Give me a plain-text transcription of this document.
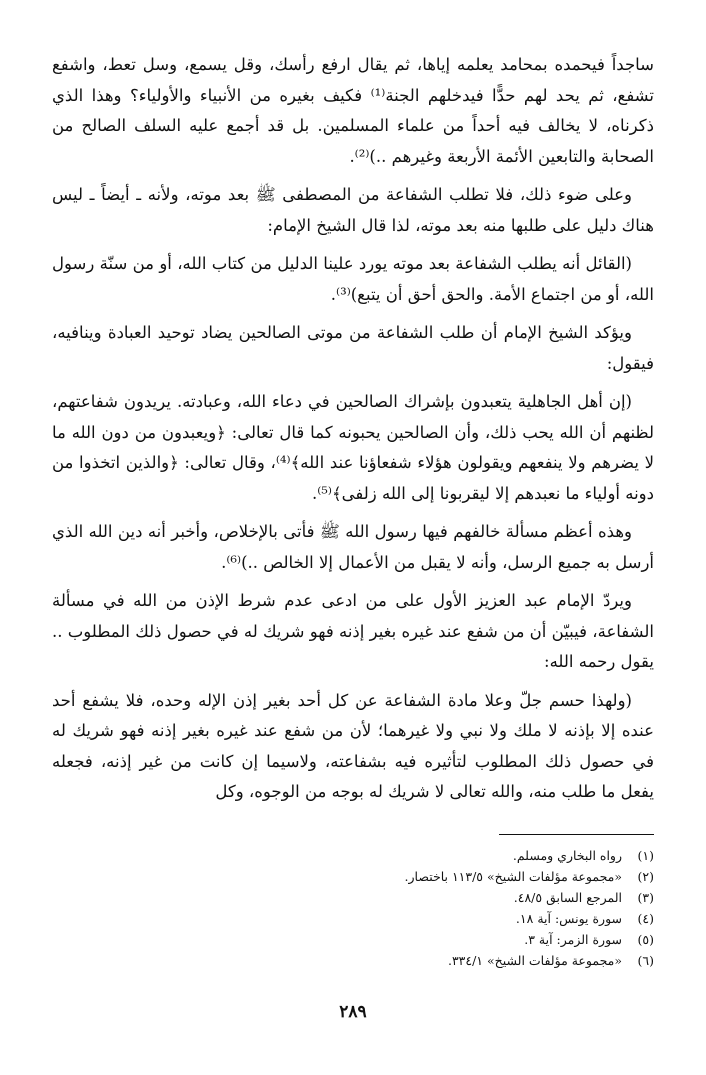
ساجداً فيحمده بمحامد يعلمه إياها، ثم يقال ارفع رأسك، وقل يسمع، وسل تعط، واشفع تشفع، ثم يحد لهم حدًّا فيدخلهم الجنة⁽¹⁾ فكيف بغيره من الأنبياء والأولياء؟ وهذا الذي ذكرناه، لا يخالف فيه أحداً من علماء المسلمين. بل قد أجمع عليه السلف الصالح من الصحابة والتابعين الأئمة الأربعة وغيرهم ..)⁽²⁾.

وعلى ضوء ذلك، فلا تطلب الشفاعة من المصطفى ﷺ بعد موته، ولأنه ـ أيضاً ـ ليس هناك دليل على طلبها منه بعد موته، لذا قال الشيخ الإمام:

(القائل أنه يطلب الشفاعة بعد موته يورد علينا الدليل من كتاب الله، أو من سنّة رسول الله، أو من اجتماع الأمة. والحق أحق أن يتبع)⁽³⁾.

ويؤكد الشيخ الإمام أن طلب الشفاعة من موتى الصالحين يضاد توحيد العبادة وينافيه، فيقول:

(إن أهل الجاهلية يتعبدون بإشراك الصالحين في دعاء الله، وعبادته. يريدون شفاعتهم، لظنهم أن الله يحب ذلك، وأن الصالحين يحبونه كما قال تعالى: ﴿ويعبدون من دون الله ما لا يضرهم ولا ينفعهم ويقولون هؤلاء شفعاؤنا عند الله﴾⁽⁴⁾، وقال تعالى: ﴿والذين اتخذوا من دونه أولياء ما نعبدهم إلا ليقربونا إلى الله زلفى﴾⁽⁵⁾.

وهذه أعظم مسألة خالفهم فيها رسول الله ﷺ فأتى بالإخلاص، وأخبر أنه دين الله الذي أرسل به جميع الرسل، وأنه لا يقبل من الأعمال إلا الخالص ..)⁽⁶⁾.

ويردّ الإمام عبد العزيز الأول على من ادعى عدم شرط الإذن من الله في مسألة الشفاعة، فيبيّن أن من شفع عند غيره بغير إذنه فهو شريك له في حصول ذلك المطلوب .. يقول رحمه الله:

(ولهذا حسم جلّ وعلا مادة الشفاعة عن كل أحد بغير إذن الإله وحده، فلا يشفع أحد عنده إلا بإذنه لا ملك ولا نبي ولا غيرهما؛ لأن من شفع عند غيره بغير إذنه فهو شريك له في حصول ذلك المطلوب لتأثيره فيه بشفاعته، ولاسيما إن كانت من غير إذنه، فجعله يفعل ما طلب منه، والله تعالى لا شريك له بوجه من الوجوه، وكل

(١)
رواه البخاري ومسلم.
(٢)
«مجموعة مؤلفات الشيخ» ١١٣/٥ باختصار.
(٣)
المرجع السابق ٤٨/٥.
(٤)
سورة يونس: آية ١٨.
(٥)
سورة الزمر: آية ٣.
(٦)
«مجموعة مؤلفات الشيخ» ٣٣٤/١.
٢٨٩
